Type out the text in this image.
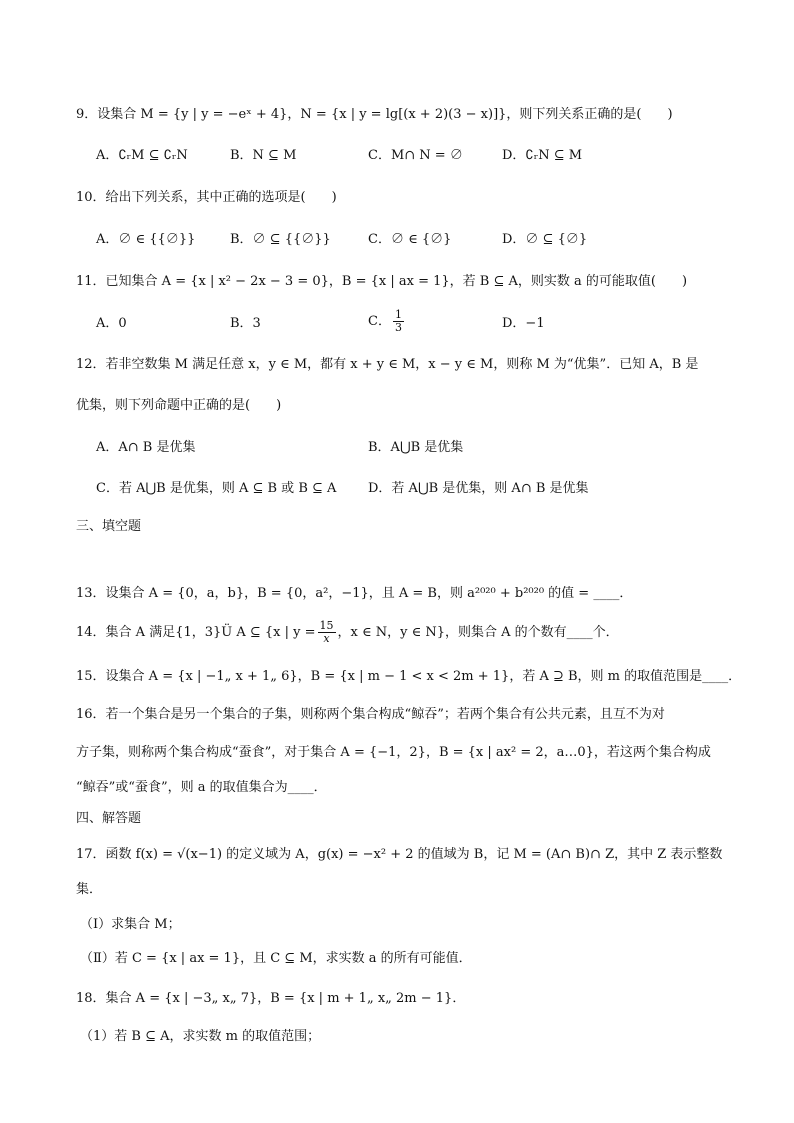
9．设集合 M = {y | y = −eˣ + 4}，N = {x | y = lg[(x + 2)(3 − x)]}，则下列关系正确的是(　　)
A．∁ᵣM ⊆ ∁ᵣN	B．N ⊆ M	C．M∩ N = ∅	D．∁ᵣN ⊆ M
10．给出下列关系，其中正确的选项是(　　)
A．∅ ∈ {{∅}}	B．∅ ⊆ {{∅}}	C．∅ ∈ {∅}	D．∅ ⊆ {∅}
11．已知集合 A = {x | x² − 2x − 3 = 0}，B = {x | ax = 1}，若 B ⊆ A，则实数 a 的可能取值(　　)
A．0	B．3	C． $\frac{1}{3}$	D．−1
12．若非空数集 M 满足任意 x，y ∈ M，都有 x + y ∈ M，x − y ∈ M，则称 M 为“优集”．已知 A，B 是
优集，则下列命题中正确的是(　　)
A．A∩ B 是优集	B．A⋃B 是优集
C．若 A⋃B 是优集，则 A ⊆ B 或 B ⊆ A D．若 A⋃B 是优集，则 A∩ B 是优集
三、填空题
13．设集合 A = {0，a，b}，B = {0，a²，−1}，且 A = B，则 a²⁰²⁰ + b²⁰²⁰ 的值 = ____．
14．集合 A 满足{1，3}Ü A ⊆ {x | $y = \frac{15}{x}$ ，x ∈ N，y ∈ N}，则集合 A 的个数有____个．
15．设集合 A = {x | −1„ x + 1„ 6}，B = {x | m − 1 < x < 2m + 1}，若 A ⊇ B，则 m 的取值范围是____．
16．若一个集合是另一个集合的子集，则称两个集合构成“鲸吞”；若两个集合有公共元素，且互不为对
方子集，则称两个集合构成“蚕食”，对于集合 A = {−1，2}，B = {x | ax² = 2，a…0}，若这两个集合构成
“鲸吞”或“蚕食”，则 a 的取值集合为____．
四、解答题
17．函数 f(x) = √(x−1) 的定义域为 A，g(x) = −x² + 2 的值域为 B，记 M = (A∩ B)∩ Z，其中 Z 表示整数
集．
（Ⅰ）求集合 M；
（Ⅱ）若 C = {x | ax = 1}，且 C ⊆ M，求实数 a 的所有可能值．
18．集合 A = {x | −3„ x„ 7}，B = {x | m + 1„ x„ 2m − 1}．
（1）若 B ⊆ A，求实数 m 的取值范围；
